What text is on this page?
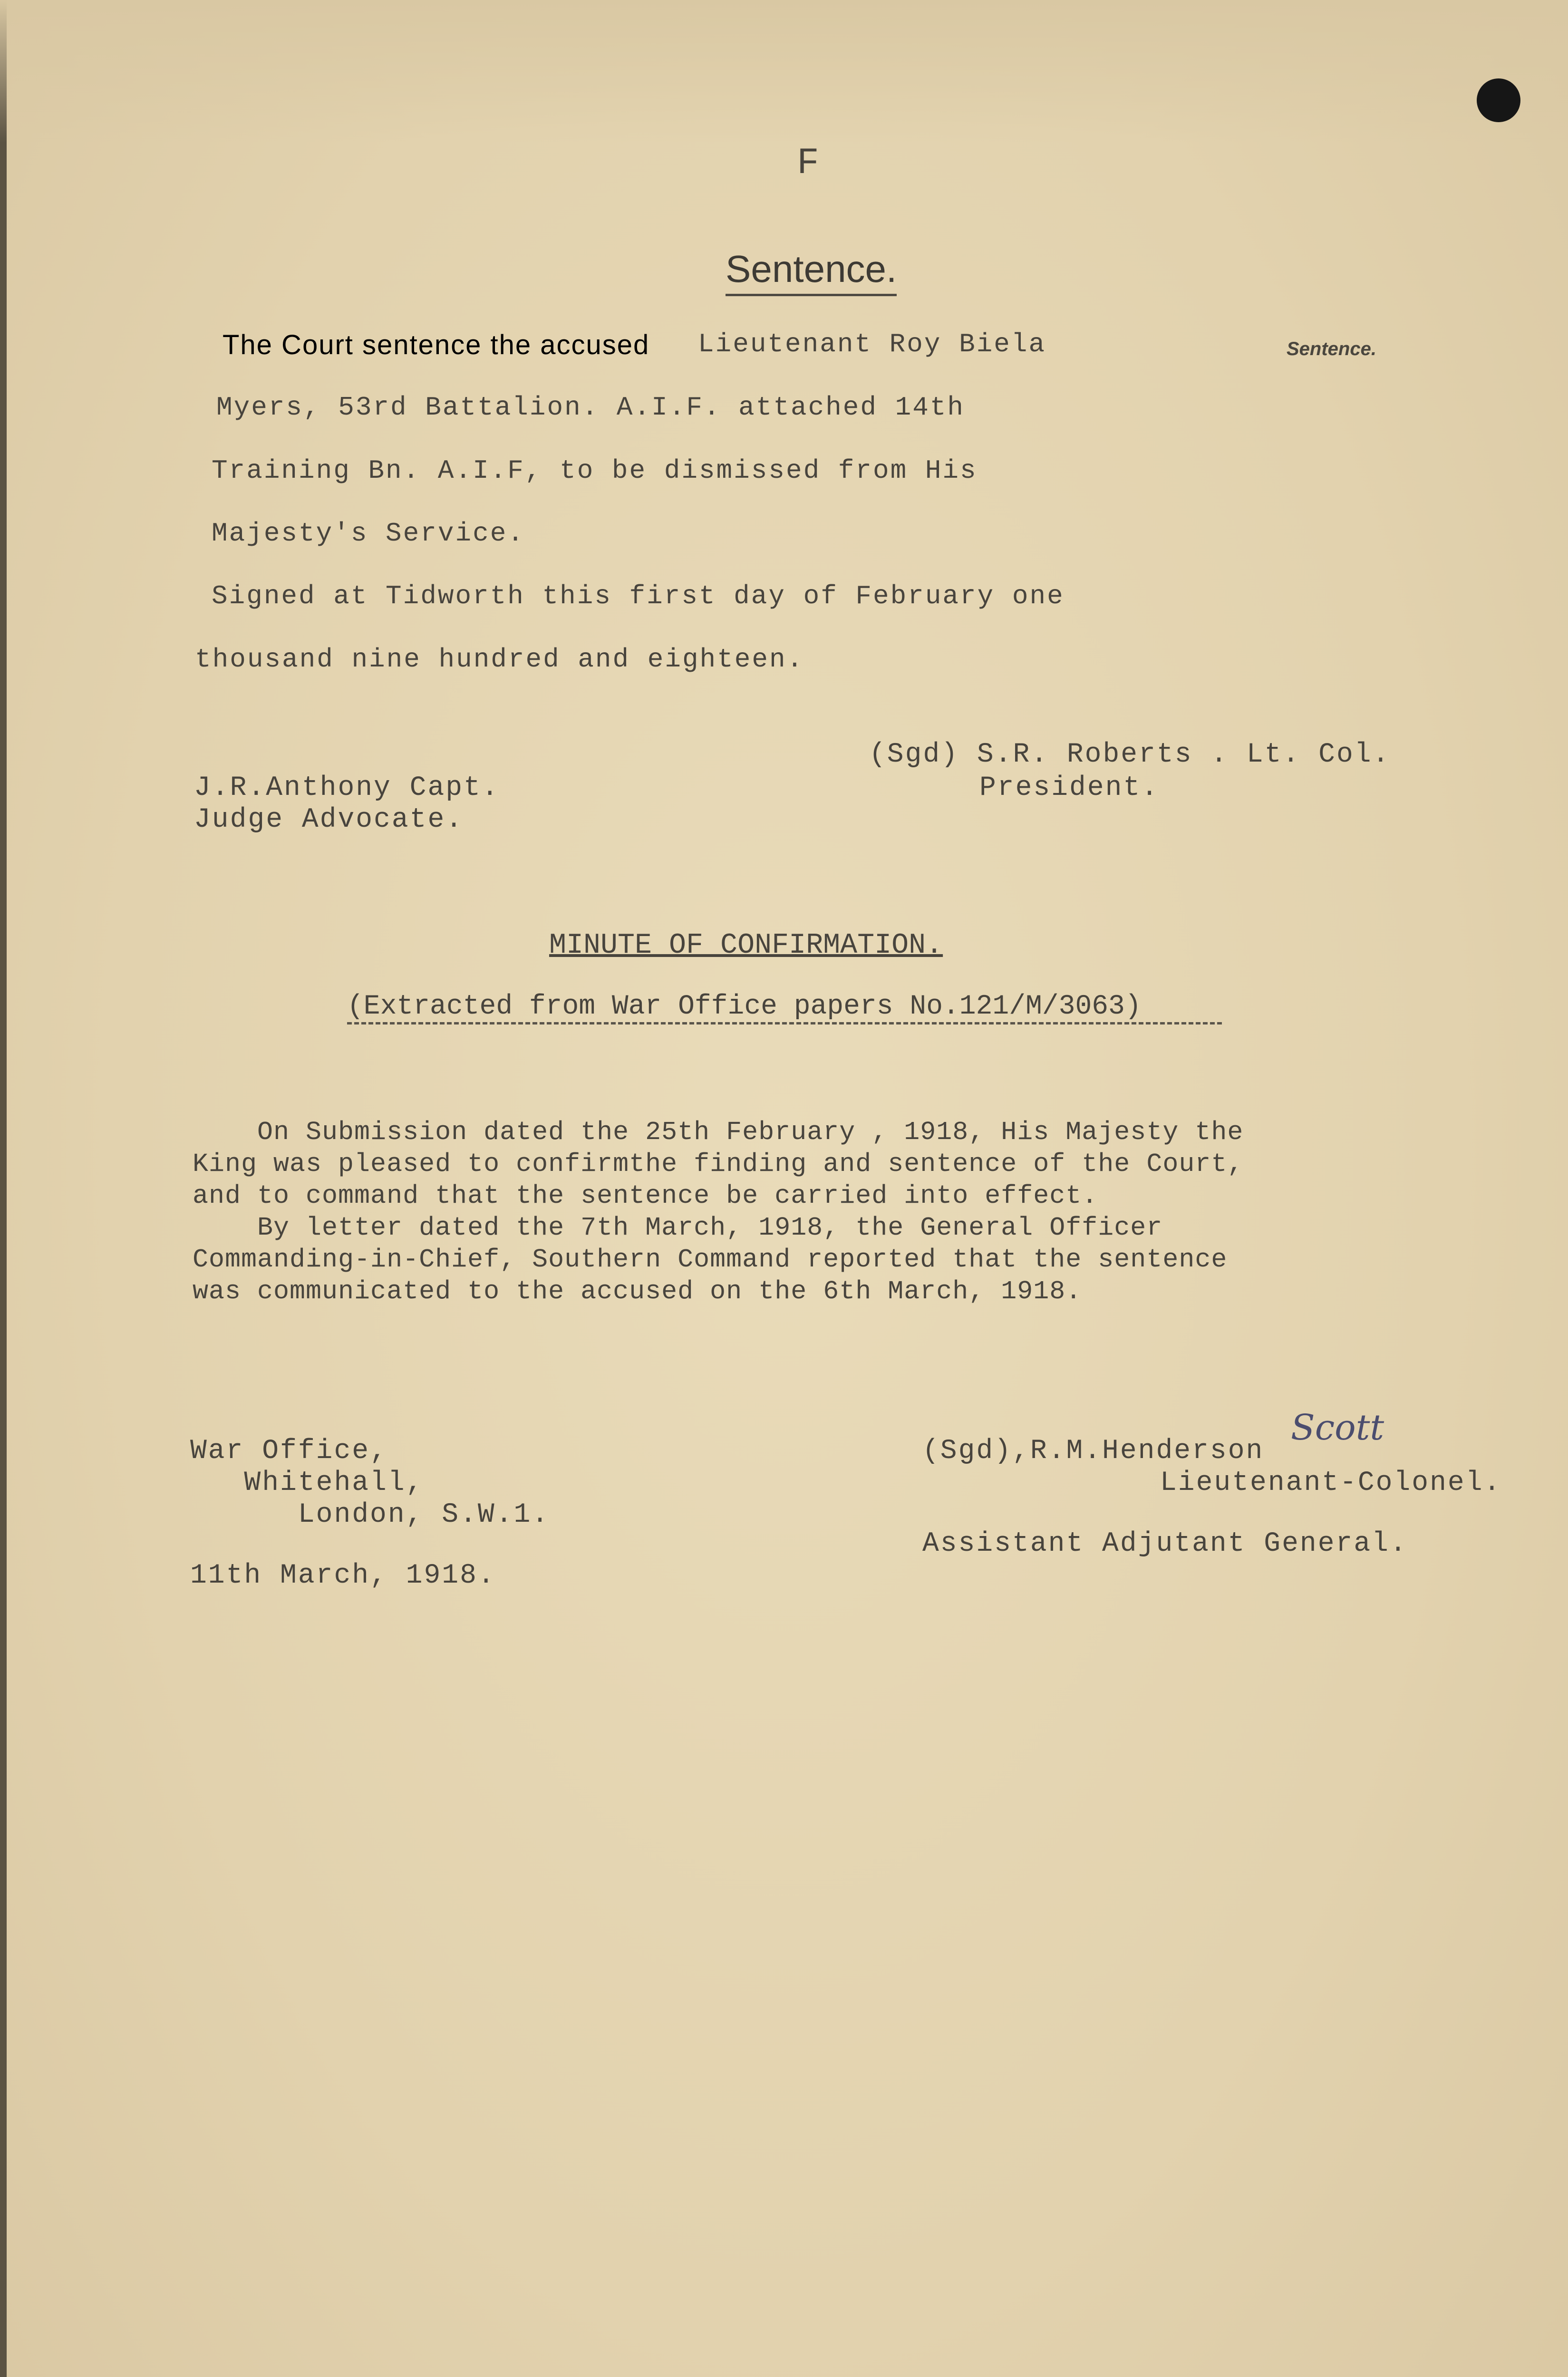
F
Sentence.
Sentence.
The Court sentence the accused Lieutenant Roy Biela
Myers, 53rd Battalion. A.I.F. attached 14th
Training Bn. A.I.F, to be dismissed from His
Majesty's Service.
Signed at Tidworth this first day of February one
thousand nine hundred and eighteen.
(Sgd) S.R. Roberts . Lt. Col.
President.
J.R.Anthony Capt.
Judge Advocate.
MINUTE OF CONFIRMATION.
(Extracted from War Office papers No.121/M/3063)
On Submission dated the 25th February , 1918, His Majesty the
King was pleased to confirmthe finding and sentence of the Court,
and to command that the sentence be carried into effect.
By letter dated the 7th March, 1918, the General Officer
Commanding-in-Chief, Southern Command reported that the sentence
was communicated to the accused on the 6th March, 1918.
War Office,
Whitehall,
London, S.W.1.
11th March, 1918.
(Sgd),R.M.Henderson
Scott
Lieutenant-Colonel.
Assistant Adjutant General.
